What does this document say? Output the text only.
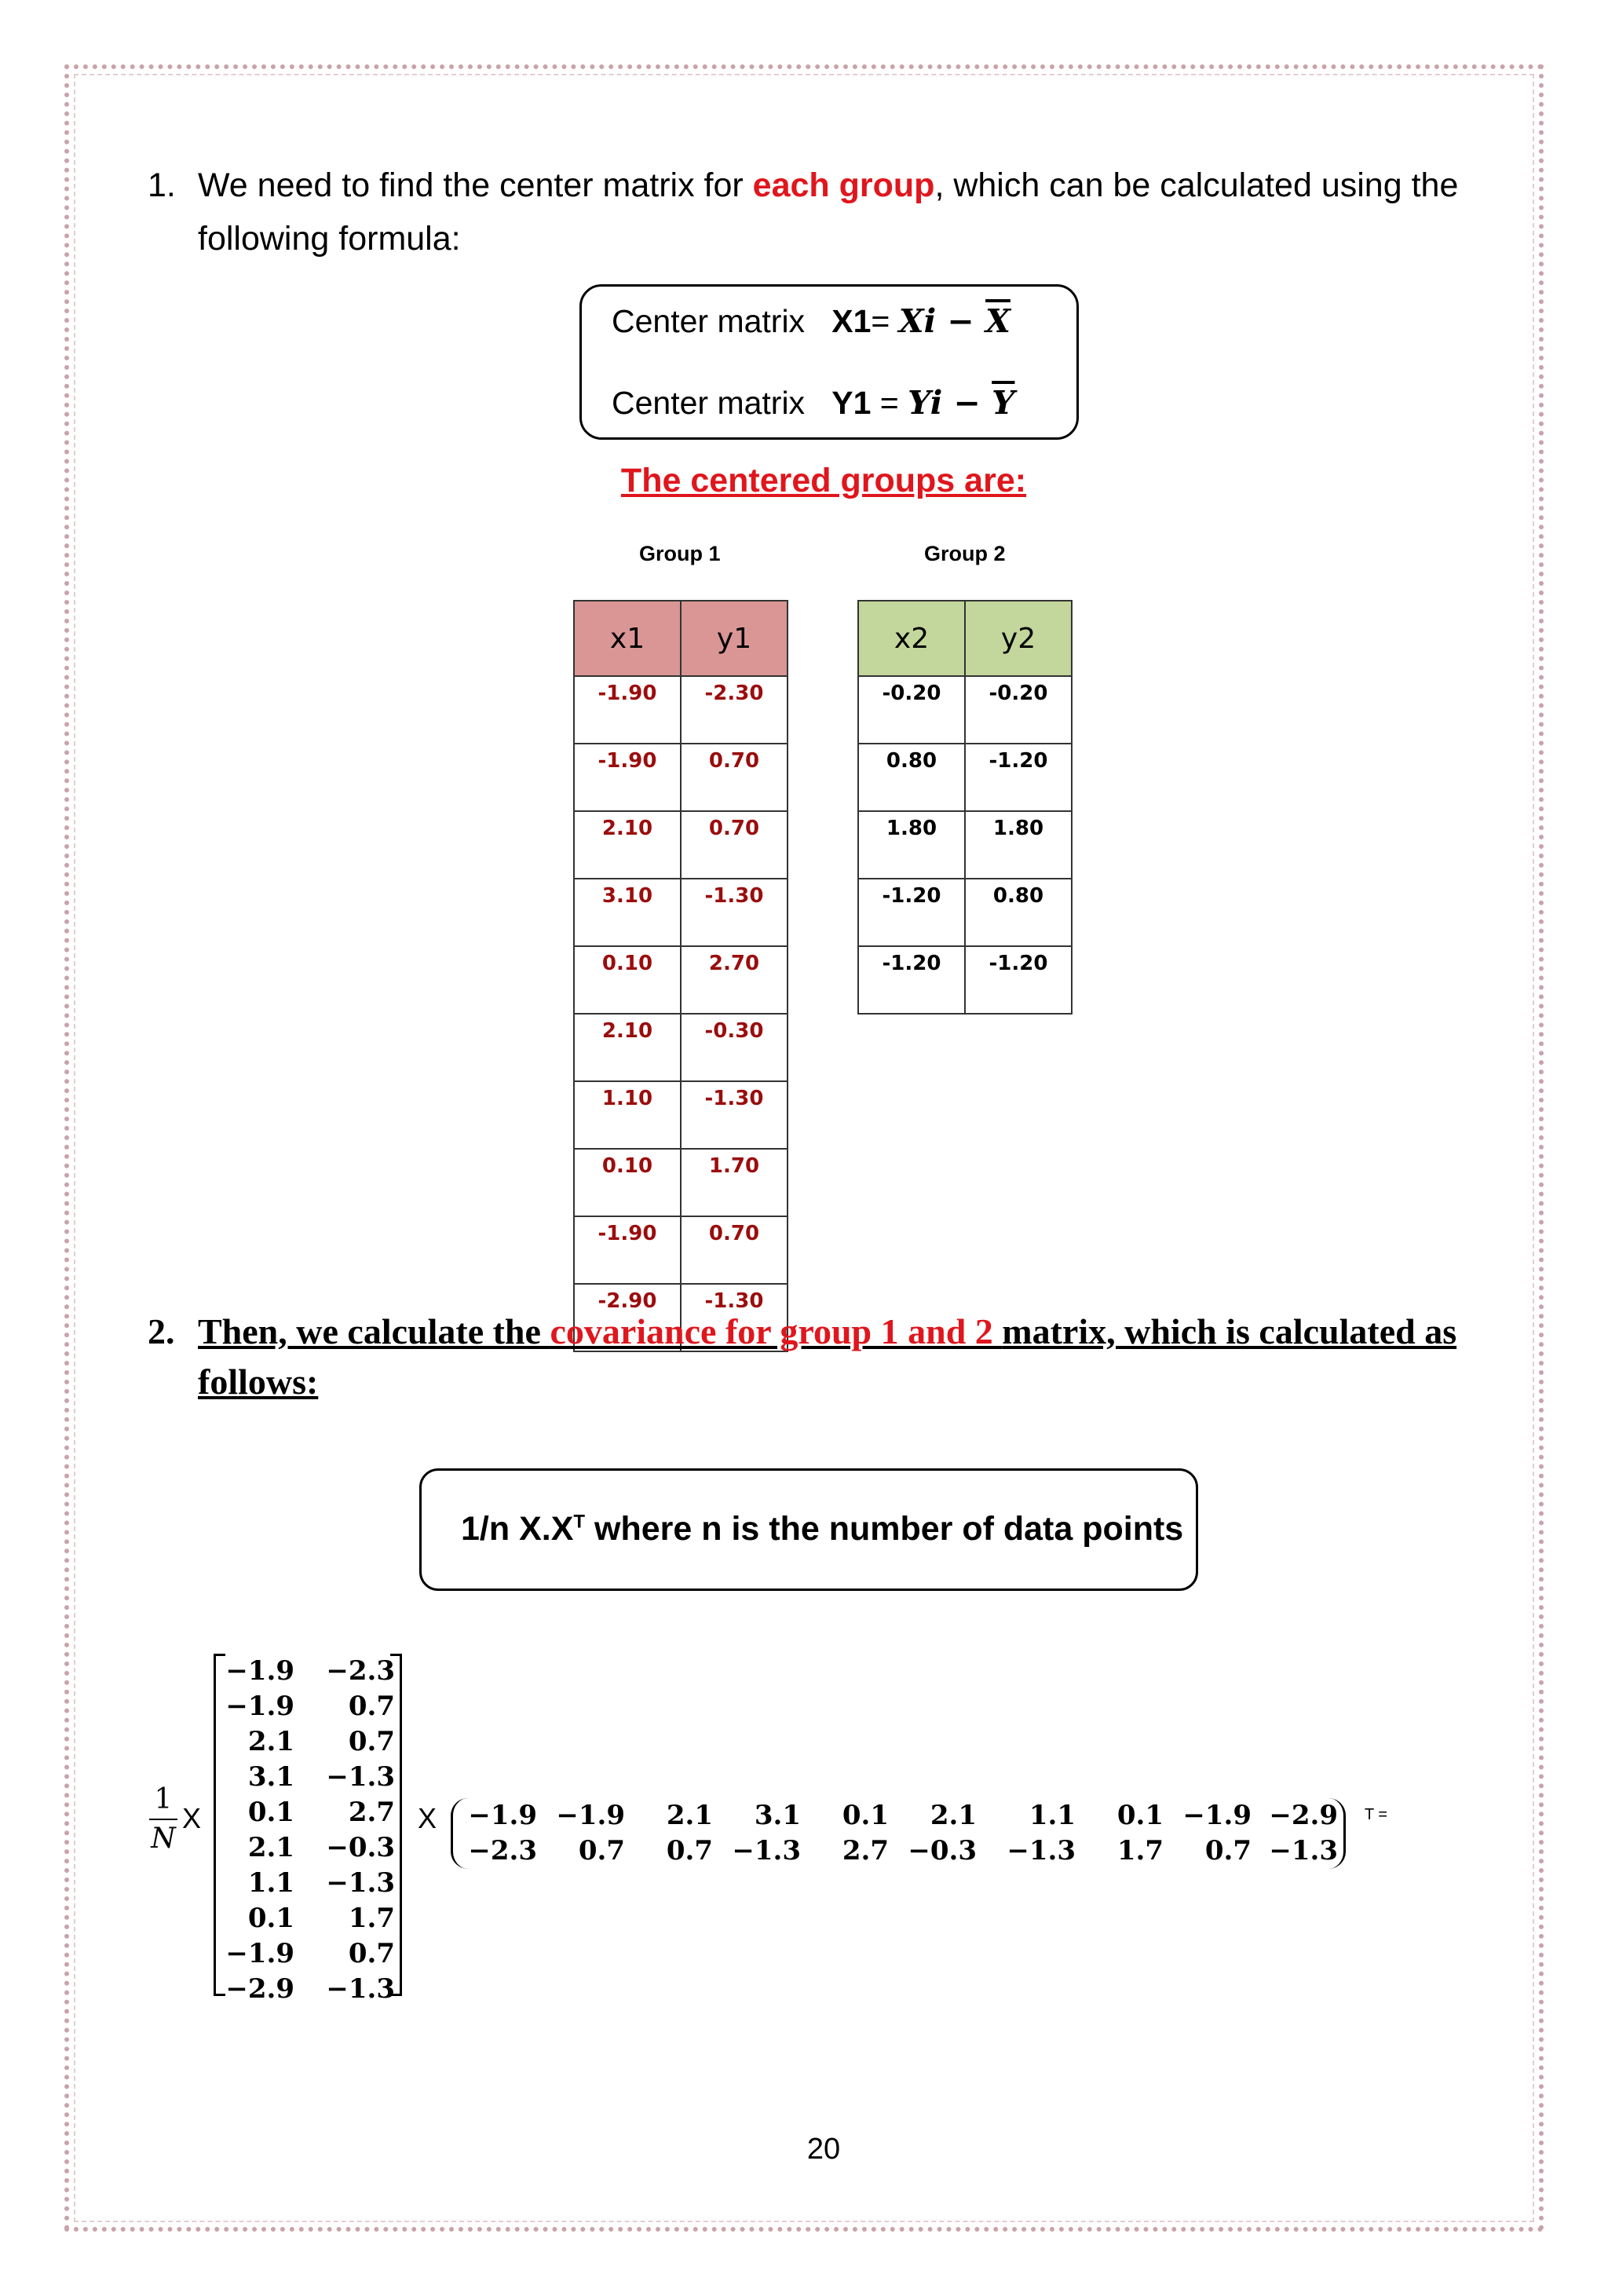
1. We need to find the center matrix for each group, which can be calculated using the following formula:
Center matrix $X1= Xi - \overline{X}$
Center matrix $Y1 = Yi - \overline{Y}$
The centered groups are:
Group 1	Group 2
x1	y1
-1.90	-2.30
-1.90	0.70
2.10	0.70
3.10	-1.30
0.10	2.70
2.10	-0.30
1.10	-1.30
0.10	1.70
-1.90	0.70
-2.90	-1.30
x2	y2
-0.20	-0.20
0.80	-1.20
1.80	1.80
-1.20	0.80
-1.20	-1.20
2. Then, we calculate the covariance for group 1 and 2 matrix, which is calculated as follows:
1/n $X.X^T$ where n is the number of data points
1
N
X
−1.9 −2.3
−1.9 0.7
2.1 0.7
3.1 −1.3
0.1 2.7
2.1 −0.3
1.1 −1.3
0.1 1.7
−1.9 0.7
−2.9 −1.3
X	−1.9 −1.9	2.1	3.1	0.1	2.1	1.1	0.1 −1.9 −2.9
−2.3	0.7	0.7 −1.3	2.7 −0.3	−1.3	1.7	0.7 −1.3
T =
20
